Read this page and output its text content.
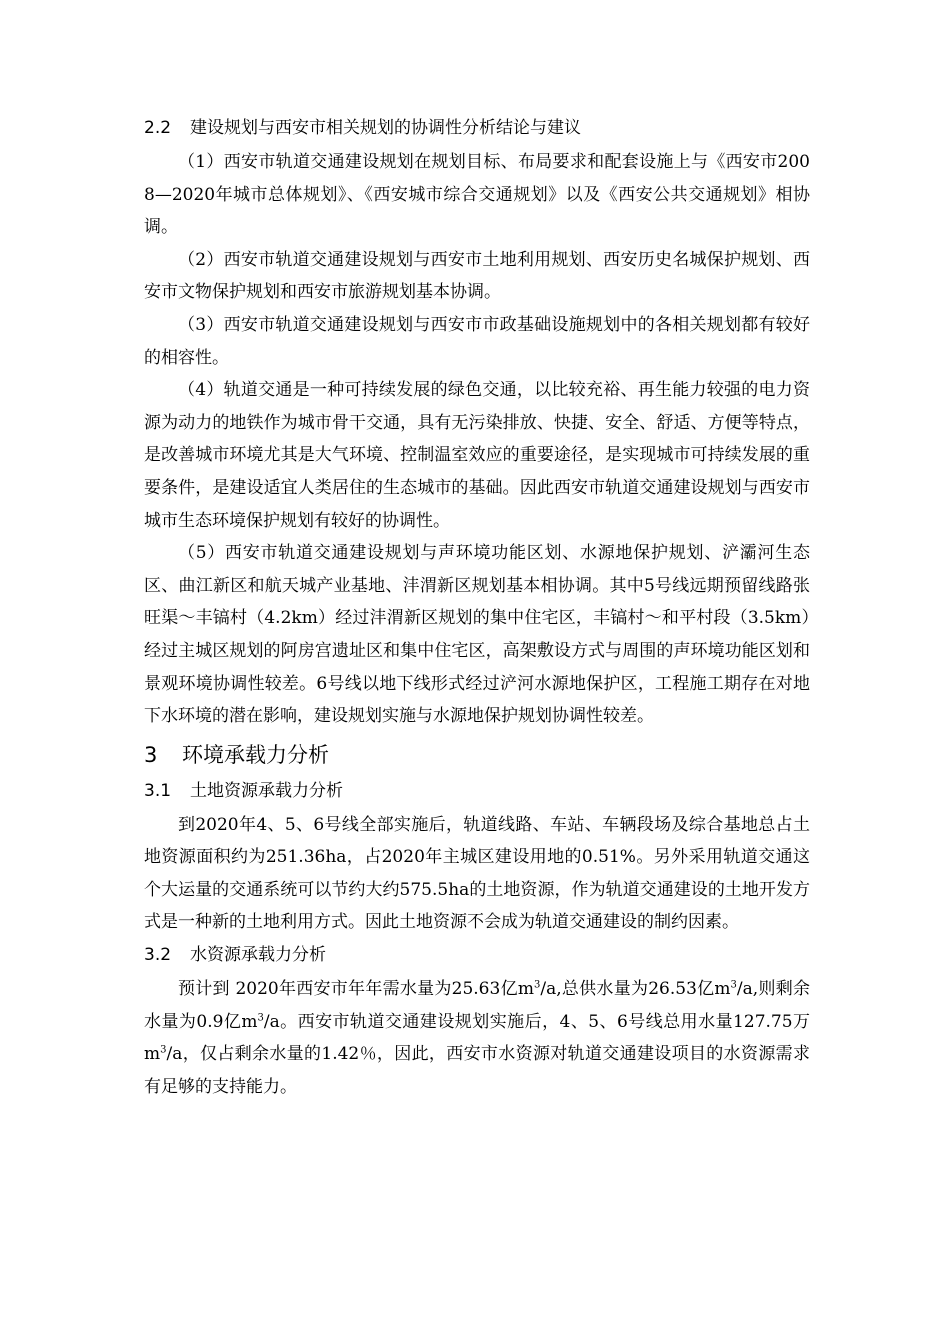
2.2 建设规划与西安市相关规划的协调性分析结论与建议

（1）西安市轨道交通建设规划在规划目标、布局要求和配套设施上与《西安市2008—2020年城市总体规划》、《西安城市综合交通规划》以及《西安公共交通规划》相协调。

（2）西安市轨道交通建设规划与西安市土地利用规划、西安历史名城保护规划、西安市文物保护规划和西安市旅游规划基本协调。

（3）西安市轨道交通建设规划与西安市市政基础设施规划中的各相关规划都有较好的相容性。

（4）轨道交通是一种可持续发展的绿色交通，以比较充裕、再生能力较强的电力资源为动力的地铁作为城市骨干交通，具有无污染排放、快捷、安全、舒适、方便等特点，是改善城市环境尤其是大气环境、控制温室效应的重要途径，是实现城市可持续发展的重要条件，是建设适宜人类居住的生态城市的基础。因此西安市轨道交通建设规划与西安市城市生态环境保护规划有较好的协调性。

（5）西安市轨道交通建设规划与声环境功能区划、水源地保护规划、浐灞河生态区、曲江新区和航天城产业基地、沣渭新区规划基本相协调。其中5号线远期预留线路张旺渠～丰镐村（4.2km）经过沣渭新区规划的集中住宅区，丰镐村～和平村段（3.5km）经过主城区规划的阿房宫遗址区和集中住宅区，高架敷设方式与周围的声环境功能区划和景观环境协调性较差。6号线以地下线形式经过浐河水源地保护区，工程施工期存在对地下水环境的潜在影响，建设规划实施与水源地保护规划协调性较差。

3 环境承载力分析
3.1 土地资源承载力分析

到2020年4、5、6号线全部实施后，轨道线路、车站、车辆段场及综合基地总占土地资源面积约为251.36ha，占2020年主城区建设用地的0.51%。另外采用轨道交通这个大运量的交通系统可以节约大约575.5ha的土地资源，作为轨道交通建设的土地开发方式是一种新的土地利用方式。因此土地资源不会成为轨道交通建设的制约因素。

3.2 水资源承载力分析

预计到 2020年西安市年年需水量为25.63亿$m^3/a$,总供水量为26.53亿$m^3/a$,则剩余水量为0.9亿$m^3/a$。西安市轨道交通建设规划实施后，4、5、6号线总用水量127.75万$m^3/a$，仅占剩余水量的1.42％，因此，西安市水资源对轨道交通建设项目的水资源需求有足够的支持能力。
